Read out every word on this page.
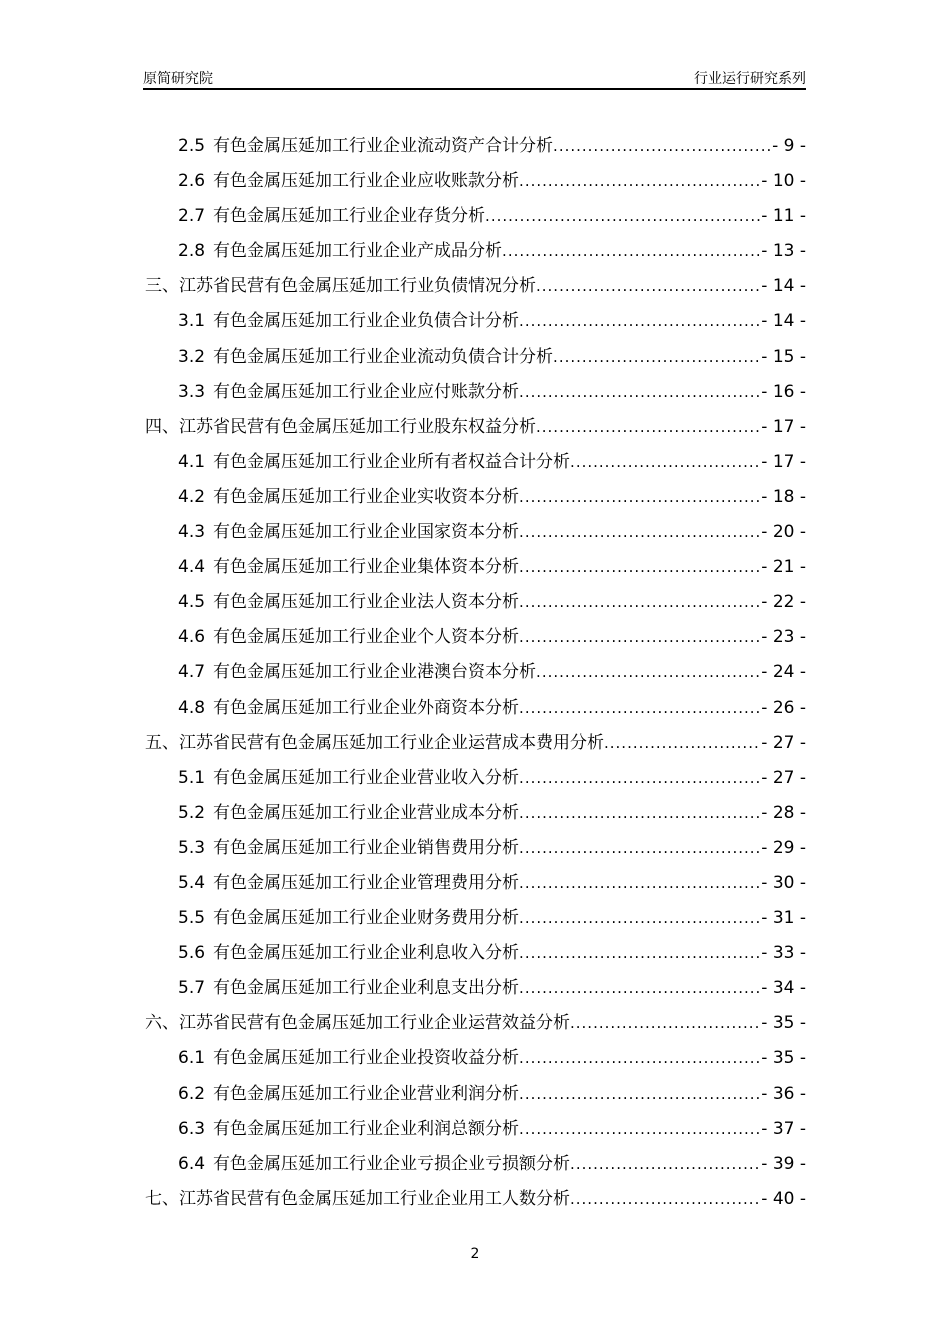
原简研究院	行业运行研究系列
2.5 有色金属压延加工行业企业流动资产合计分析 .....	- 9 -
2.6 有色金属压延加工行业企业应收账款分析 .....	- 10 -
2.7 有色金属压延加工行业企业存货分析 .....	- 11 -
2.8 有色金属压延加工行业企业产成品分析 .....	- 13 -
三、江苏省民营有色金属压延加工行业负债情况分析 .....	- 14 -
3.1 有色金属压延加工行业企业负债合计分析 .....	- 14 -
3.2 有色金属压延加工行业企业流动负债合计分析 .....	- 15 -
3.3 有色金属压延加工行业企业应付账款分析 .....	- 16 -
四、江苏省民营有色金属压延加工行业股东权益分析 .....	- 17 -
4.1 有色金属压延加工行业企业所有者权益合计分析 .....	- 17 -
4.2 有色金属压延加工行业企业实收资本分析 .....	- 18 -
4.3 有色金属压延加工行业企业国家资本分析 .....	- 20 -
4.4 有色金属压延加工行业企业集体资本分析 .....	- 21 -
4.5 有色金属压延加工行业企业法人资本分析 .....	- 22 -
4.6 有色金属压延加工行业企业个人资本分析 .....	- 23 -
4.7 有色金属压延加工行业企业港澳台资本分析 .....	- 24 -
4.8 有色金属压延加工行业企业外商资本分析 .....	- 26 -
五、江苏省民营有色金属压延加工行业企业运营成本费用分析 .....	- 27 -
5.1 有色金属压延加工行业企业营业收入分析 .....	- 27 -
5.2 有色金属压延加工行业企业营业成本分析 .....	- 28 -
5.3 有色金属压延加工行业企业销售费用分析 .....	- 29 -
5.4 有色金属压延加工行业企业管理费用分析 .....	- 30 -
5.5 有色金属压延加工行业企业财务费用分析 .....	- 31 -
5.6 有色金属压延加工行业企业利息收入分析 .....	- 33 -
5.7 有色金属压延加工行业企业利息支出分析 .....	- 34 -
六、江苏省民营有色金属压延加工行业企业运营效益分析 .....	- 35 -
6.1 有色金属压延加工行业企业投资收益分析 .....	- 35 -
6.2 有色金属压延加工行业企业营业利润分析 .....	- 36 -
6.3 有色金属压延加工行业企业利润总额分析 .....	- 37 -
6.4 有色金属压延加工行业企业亏损企业亏损额分析 .....	- 39 -
七、江苏省民营有色金属压延加工行业企业用工人数分析 .....	- 40 -
2
